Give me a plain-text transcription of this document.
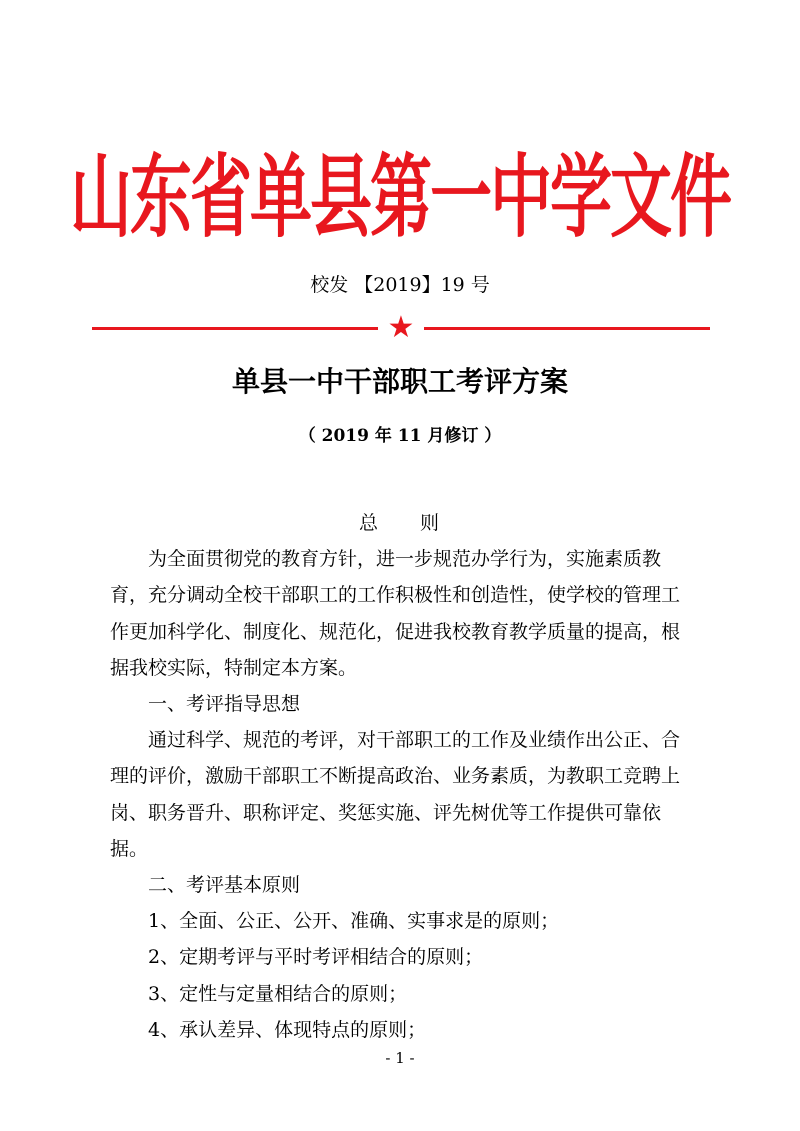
山东省单县第一中学文件
校发 【2019】19 号
★
单县一中干部职工考评方案
（ 2019 年 11 月修订 ）

总 则

为全面贯彻党的教育方针，进一步规范办学行为，实施素质教育，充分调动全校干部职工的工作积极性和创造性，使学校的管理工作更加科学化、制度化、规范化，促进我校教育教学质量的提高，根据我校实际，特制定本方案。

一、考评指导思想

通过科学、规范的考评，对干部职工的工作及业绩作出公正、合理的评价，激励干部职工不断提高政治、业务素质，为教职工竞聘上岗、职务晋升、职称评定、奖惩实施、评先树优等工作提供可靠依据。

二、考评基本原则

1、全面、公正、公开、准确、实事求是的原则；

2、定期考评与平时考评相结合的原则；

3、定性与定量相结合的原则；

4、承认差异、体现特点的原则；

- 1 -
